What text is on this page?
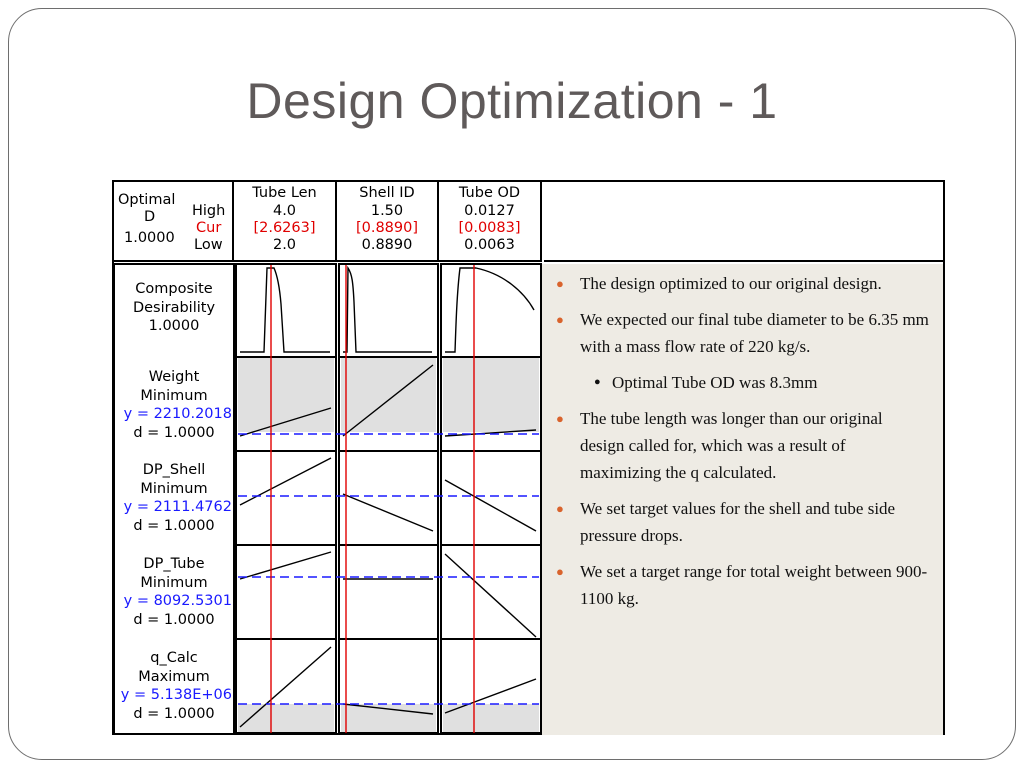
Design Optimization - 1
Optimal
D
1.0000
High
Cur
Low
Tube Len
4.0
[2.6263]
2.0
Shell ID
1.50
[0.8890]
0.8890
Tube OD
0.0127
[0.0083]
0.0063
Composite
Desirability
1.0000
Weight
Minimum
y = 2210.2018
d = 1.0000
DP_Shell
Minimum
y = 2111.4762
d = 1.0000
DP_Tube
Minimum
y = 8092.5301
d = 1.0000
q_Calc
Maximum
y = 5.138E+06
d = 1.0000
● The design optimized to our original design.
● We expected our final tube diameter to be 6.35 mm with a mass flow rate of 220 kg/s.
● Optimal Tube OD was 8.3mm
● The tube length was longer than our original design called for, which was a result of maximizing the q calculated.
● We set target values for the shell and tube side pressure drops.
● We set a target range for total weight between 900-1100 kg.
